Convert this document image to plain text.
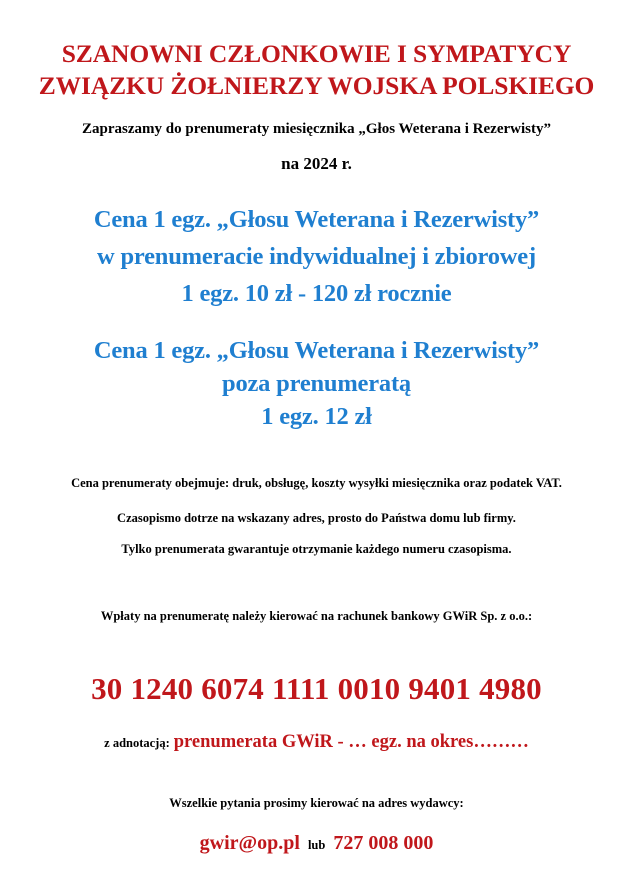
SZANOWNI CZŁONKOWIE I SYMPATYCY
ZWIĄZKU ŻOŁNIERZY WOJSKA POLSKIEGO
Zapraszamy do prenumeraty miesięcznika „Głos Weterana i Rezerwisty”
na 2024 r.
Cena 1 egz. „Głosu Weterana i Rezerwisty”
w prenumeracie indywidualnej i zbiorowej
1 egz. 10 zł - 120 zł rocznie
Cena 1 egz. „Głosu Weterana i Rezerwisty”
poza prenumeratą
1 egz. 12 zł
Cena prenumeraty obejmuje: druk, obsługę, koszty wysyłki miesięcznika oraz podatek VAT.
Czasopismo dotrze na wskazany adres, prosto do Państwa domu lub firmy.
Tylko prenumerata gwarantuje otrzymanie każdego numeru czasopisma.
Wpłaty na prenumeratę należy kierować na rachunek bankowy GWiR Sp. z o.o.:
30 1240 6074 1111 0010 9401 4980
z adnotacją: prenumerata GWiR - … egz. na okres………
Wszelkie pytania prosimy kierować na adres wydawcy:
gwir@op.pl lub 727 008 000
